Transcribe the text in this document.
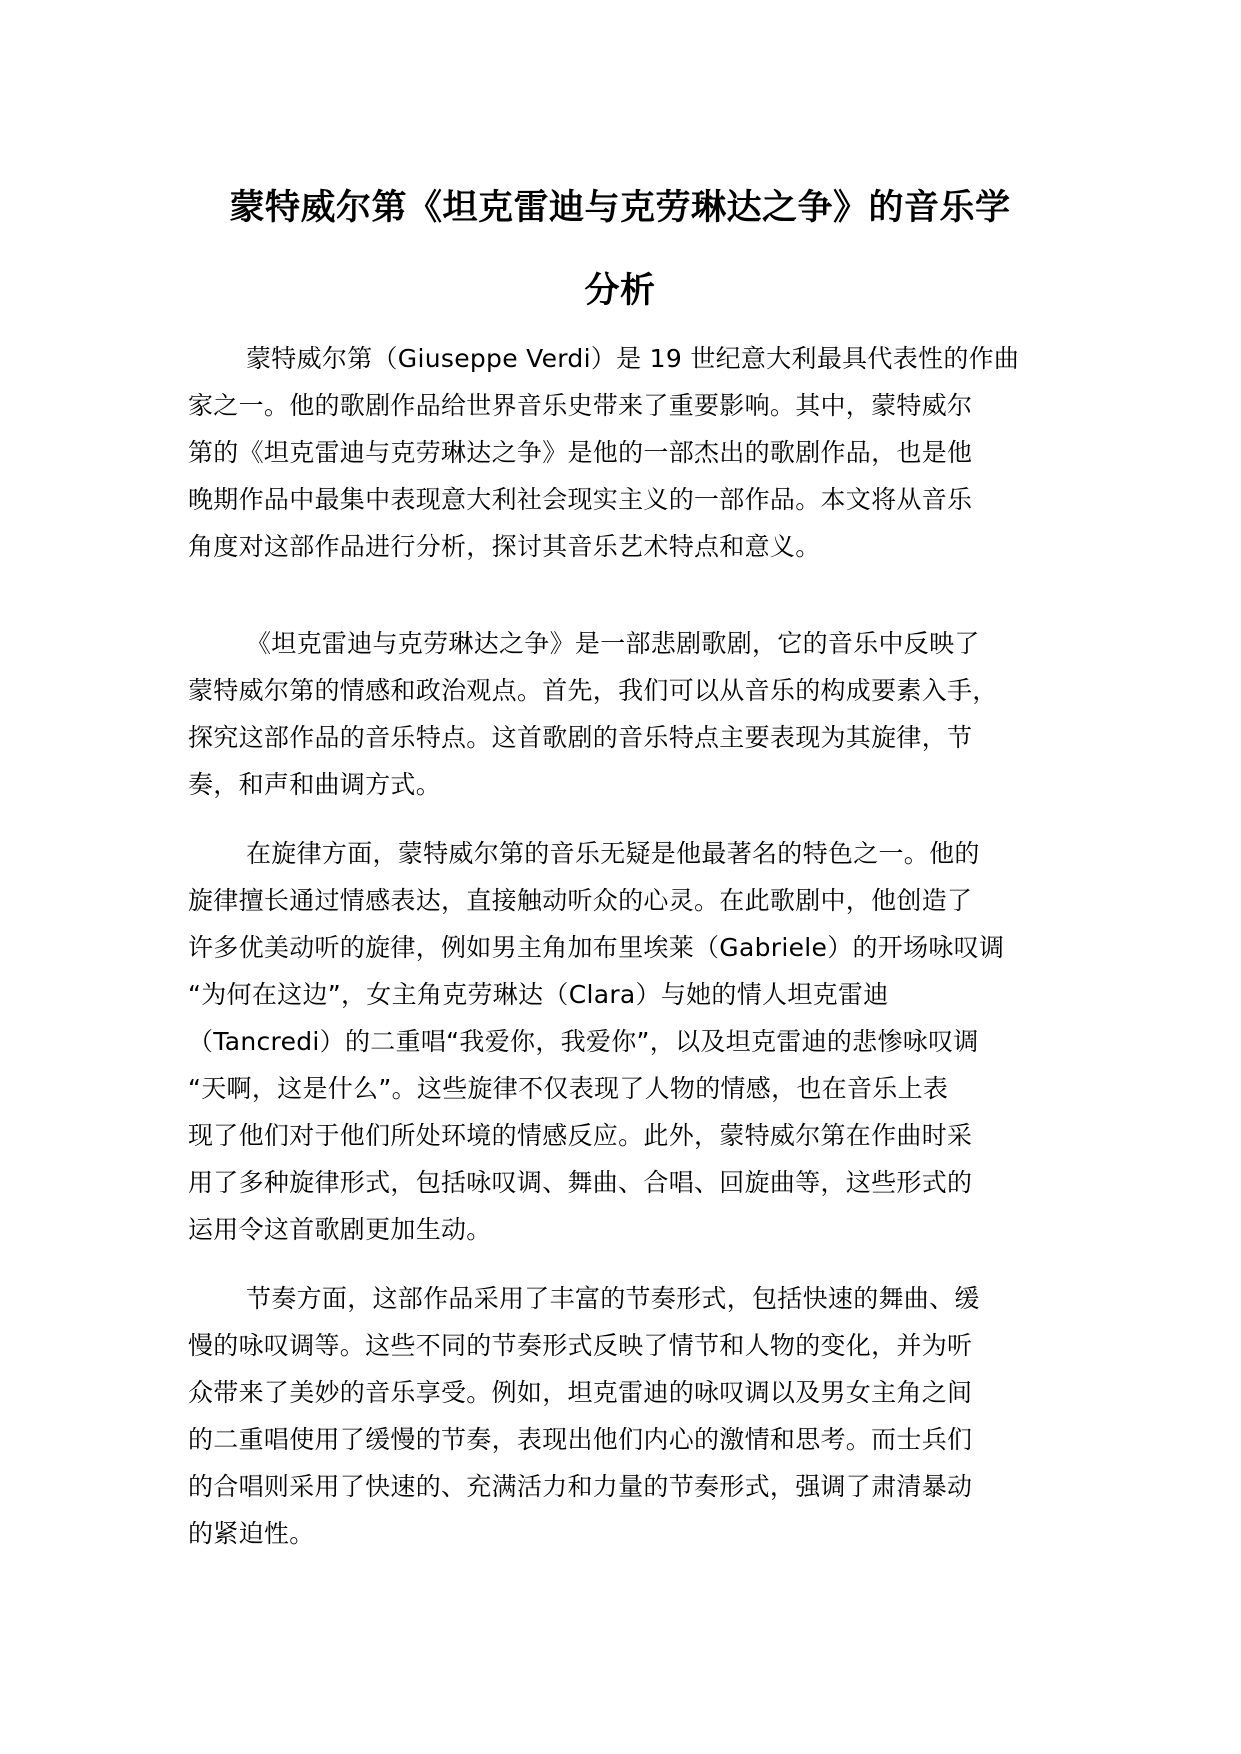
蒙特威尔第《坦克雷迪与克劳琳达之争》的音乐学
分析
蒙特威尔第（Giuseppe Verdi）是 19 世纪意大利最具代表性的作曲
家之一。他的歌剧作品给世界音乐史带来了重要影响。其中，蒙特威尔
第的《坦克雷迪与克劳琳达之争》是他的一部杰出的歌剧作品，也是他
晚期作品中最集中表现意大利社会现实主义的一部作品。本文将从音乐
角度对这部作品进行分析，探讨其音乐艺术特点和意义。
《坦克雷迪与克劳琳达之争》是一部悲剧歌剧，它的音乐中反映了
蒙特威尔第的情感和政治观点。首先，我们可以从音乐的构成要素入手，
探究这部作品的音乐特点。这首歌剧的音乐特点主要表现为其旋律，节
奏，和声和曲调方式。
在旋律方面，蒙特威尔第的音乐无疑是他最著名的特色之一。他的
旋律擅长通过情感表达，直接触动听众的心灵。在此歌剧中，他创造了
许多优美动听的旋律，例如男主角加布里埃莱（Gabriele）的开场咏叹调
“为何在这边”，女主角克劳琳达（Clara）与她的情人坦克雷迪
（Tancredi）的二重唱“我爱你，我爱你”，以及坦克雷迪的悲惨咏叹调
“天啊，这是什么”。这些旋律不仅表现了人物的情感，也在音乐上表
现了他们对于他们所处环境的情感反应。此外，蒙特威尔第在作曲时采
用了多种旋律形式，包括咏叹调、舞曲、合唱、回旋曲等，这些形式的
运用令这首歌剧更加生动。
节奏方面，这部作品采用了丰富的节奏形式，包括快速的舞曲、缓
慢的咏叹调等。这些不同的节奏形式反映了情节和人物的变化，并为听
众带来了美妙的音乐享受。例如，坦克雷迪的咏叹调以及男女主角之间
的二重唱使用了缓慢的节奏，表现出他们内心的激情和思考。而士兵们
的合唱则采用了快速的、充满活力和力量的节奏形式，强调了肃清暴动
的紧迫性。
